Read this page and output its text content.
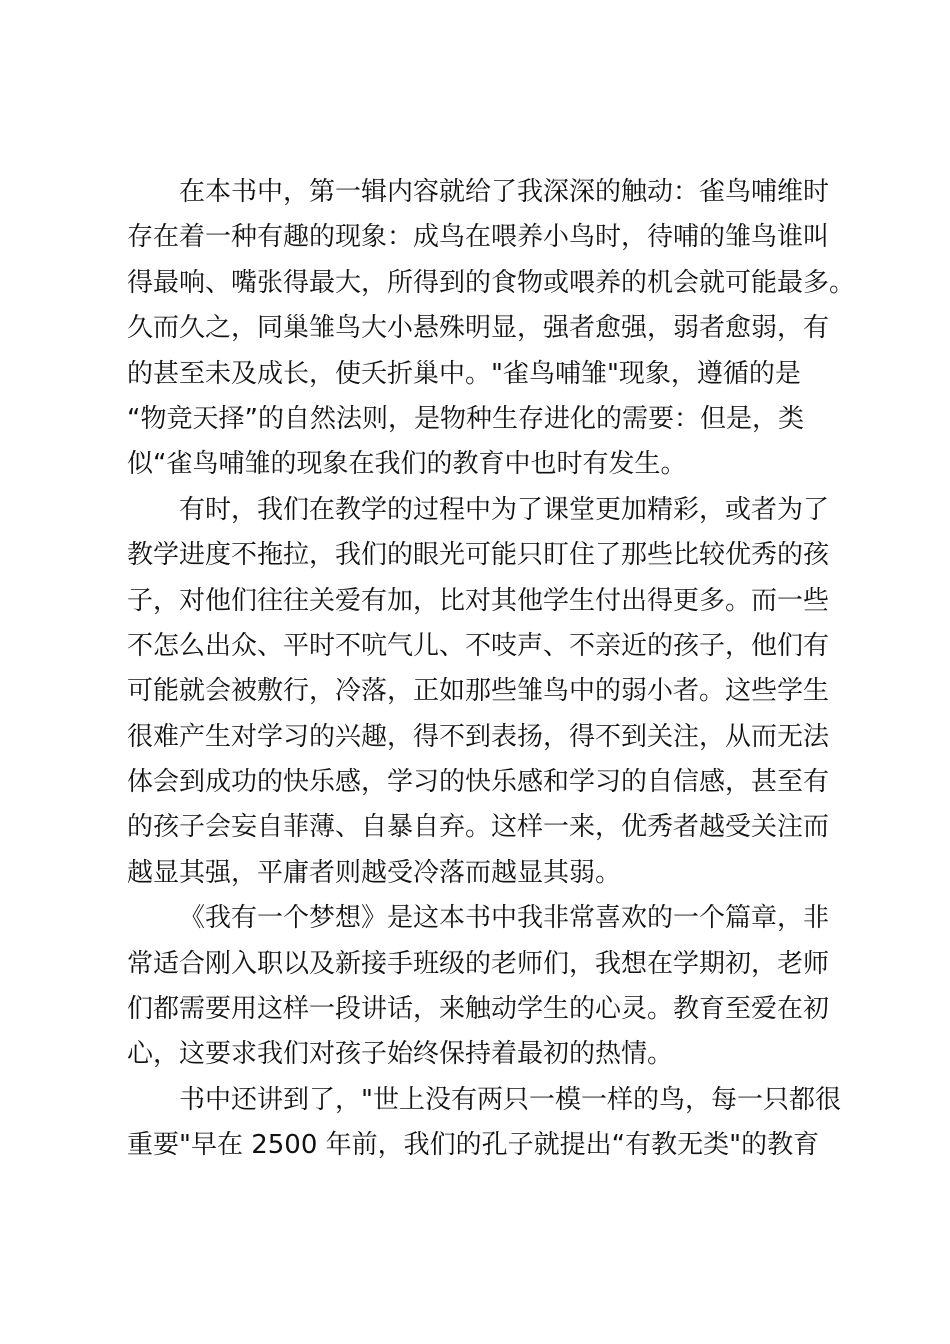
在本书中，第一辑内容就给了我深深的触动：雀鸟哺维时
存在着一种有趣的现象：成鸟在喂养小鸟时，待哺的雏鸟谁叫
得最响、嘴张得最大，所得到的食物或喂养的机会就可能最多。
久而久之，同巢雏鸟大小悬殊明显，强者愈强，弱者愈弱，有
的甚至未及成长，使夭折巢中。"雀鸟哺雏"现象，遵循的是
“物竞天择”的自然法则，是物种生存进化的需要：但是，类
似“雀鸟哺雏的现象在我们的教育中也时有发生。
有时，我们在教学的过程中为了课堂更加精彩，或者为了
教学进度不拖拉，我们的眼光可能只盯住了那些比较优秀的孩
子，对他们往往关爱有加，比对其他学生付出得更多。而一些
不怎么出众、平时不吭气儿、不吱声、不亲近的孩子，他们有
可能就会被敷行，冷落，正如那些雏鸟中的弱小者。这些学生
很难产生对学习的兴趣，得不到表扬，得不到关注，从而无法
体会到成功的快乐感，学习的快乐感和学习的自信感，甚至有
的孩子会妄自菲薄、自暴自弃。这样一来，优秀者越受关注而
越显其强，平庸者则越受冷落而越显其弱。
《我有一个梦想》是这本书中我非常喜欢的一个篇章，非
常适合刚入职以及新接手班级的老师们，我想在学期初，老师
们都需要用这样一段讲话，来触动学生的心灵。教育至爱在初
心，这要求我们对孩子始终保持着最初的热情。
书中还讲到了，"世上没有两只一模一样的鸟，每一只都很
重要"早在 2500 年前，我们的孔子就提出“有教无类"的教育
